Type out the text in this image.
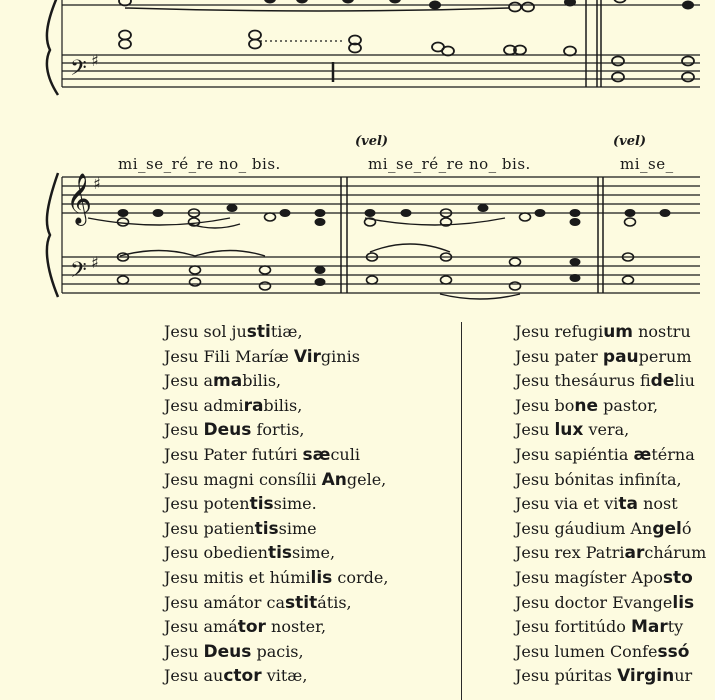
𝄢 ♯
𝄞 ♯
𝄢 ♯
(vel)	(vel)
mi_se_ré_re no_ bis.	mi_se_ré_re no_ bis.	mi_se_
Jesu sol justitiæ,
Jesu Fili Maríæ Virginis
Jesu amabilis,
Jesu admirabilis,
Jesu Deus fortis,
Jesu Pater futúri sæculi
Jesu magni consílii Angele,
Jesu potentissime.
Jesu patientissime
Jesu obedientissime,
Jesu mitis et húmilis corde,
Jesu amátor castitátis,
Jesu amátor noster,
Jesu Deus pacis,
Jesu auctor vitæ,
Jesu refugium nostru
Jesu pater pauperum
Jesu thesáurus fideliu
Jesu bone pastor,
Jesu lux vera,
Jesu sapiéntia ætérna
Jesu bónitas infiníta,
Jesu via et vita nost
Jesu gáudium Angeló
Jesu rex Patriarchárum
Jesu magíster Aposto
Jesu doctor Evangelis
Jesu fortitúdo Marty
Jesu lumen Confessó
Jesu púritas Virginur
